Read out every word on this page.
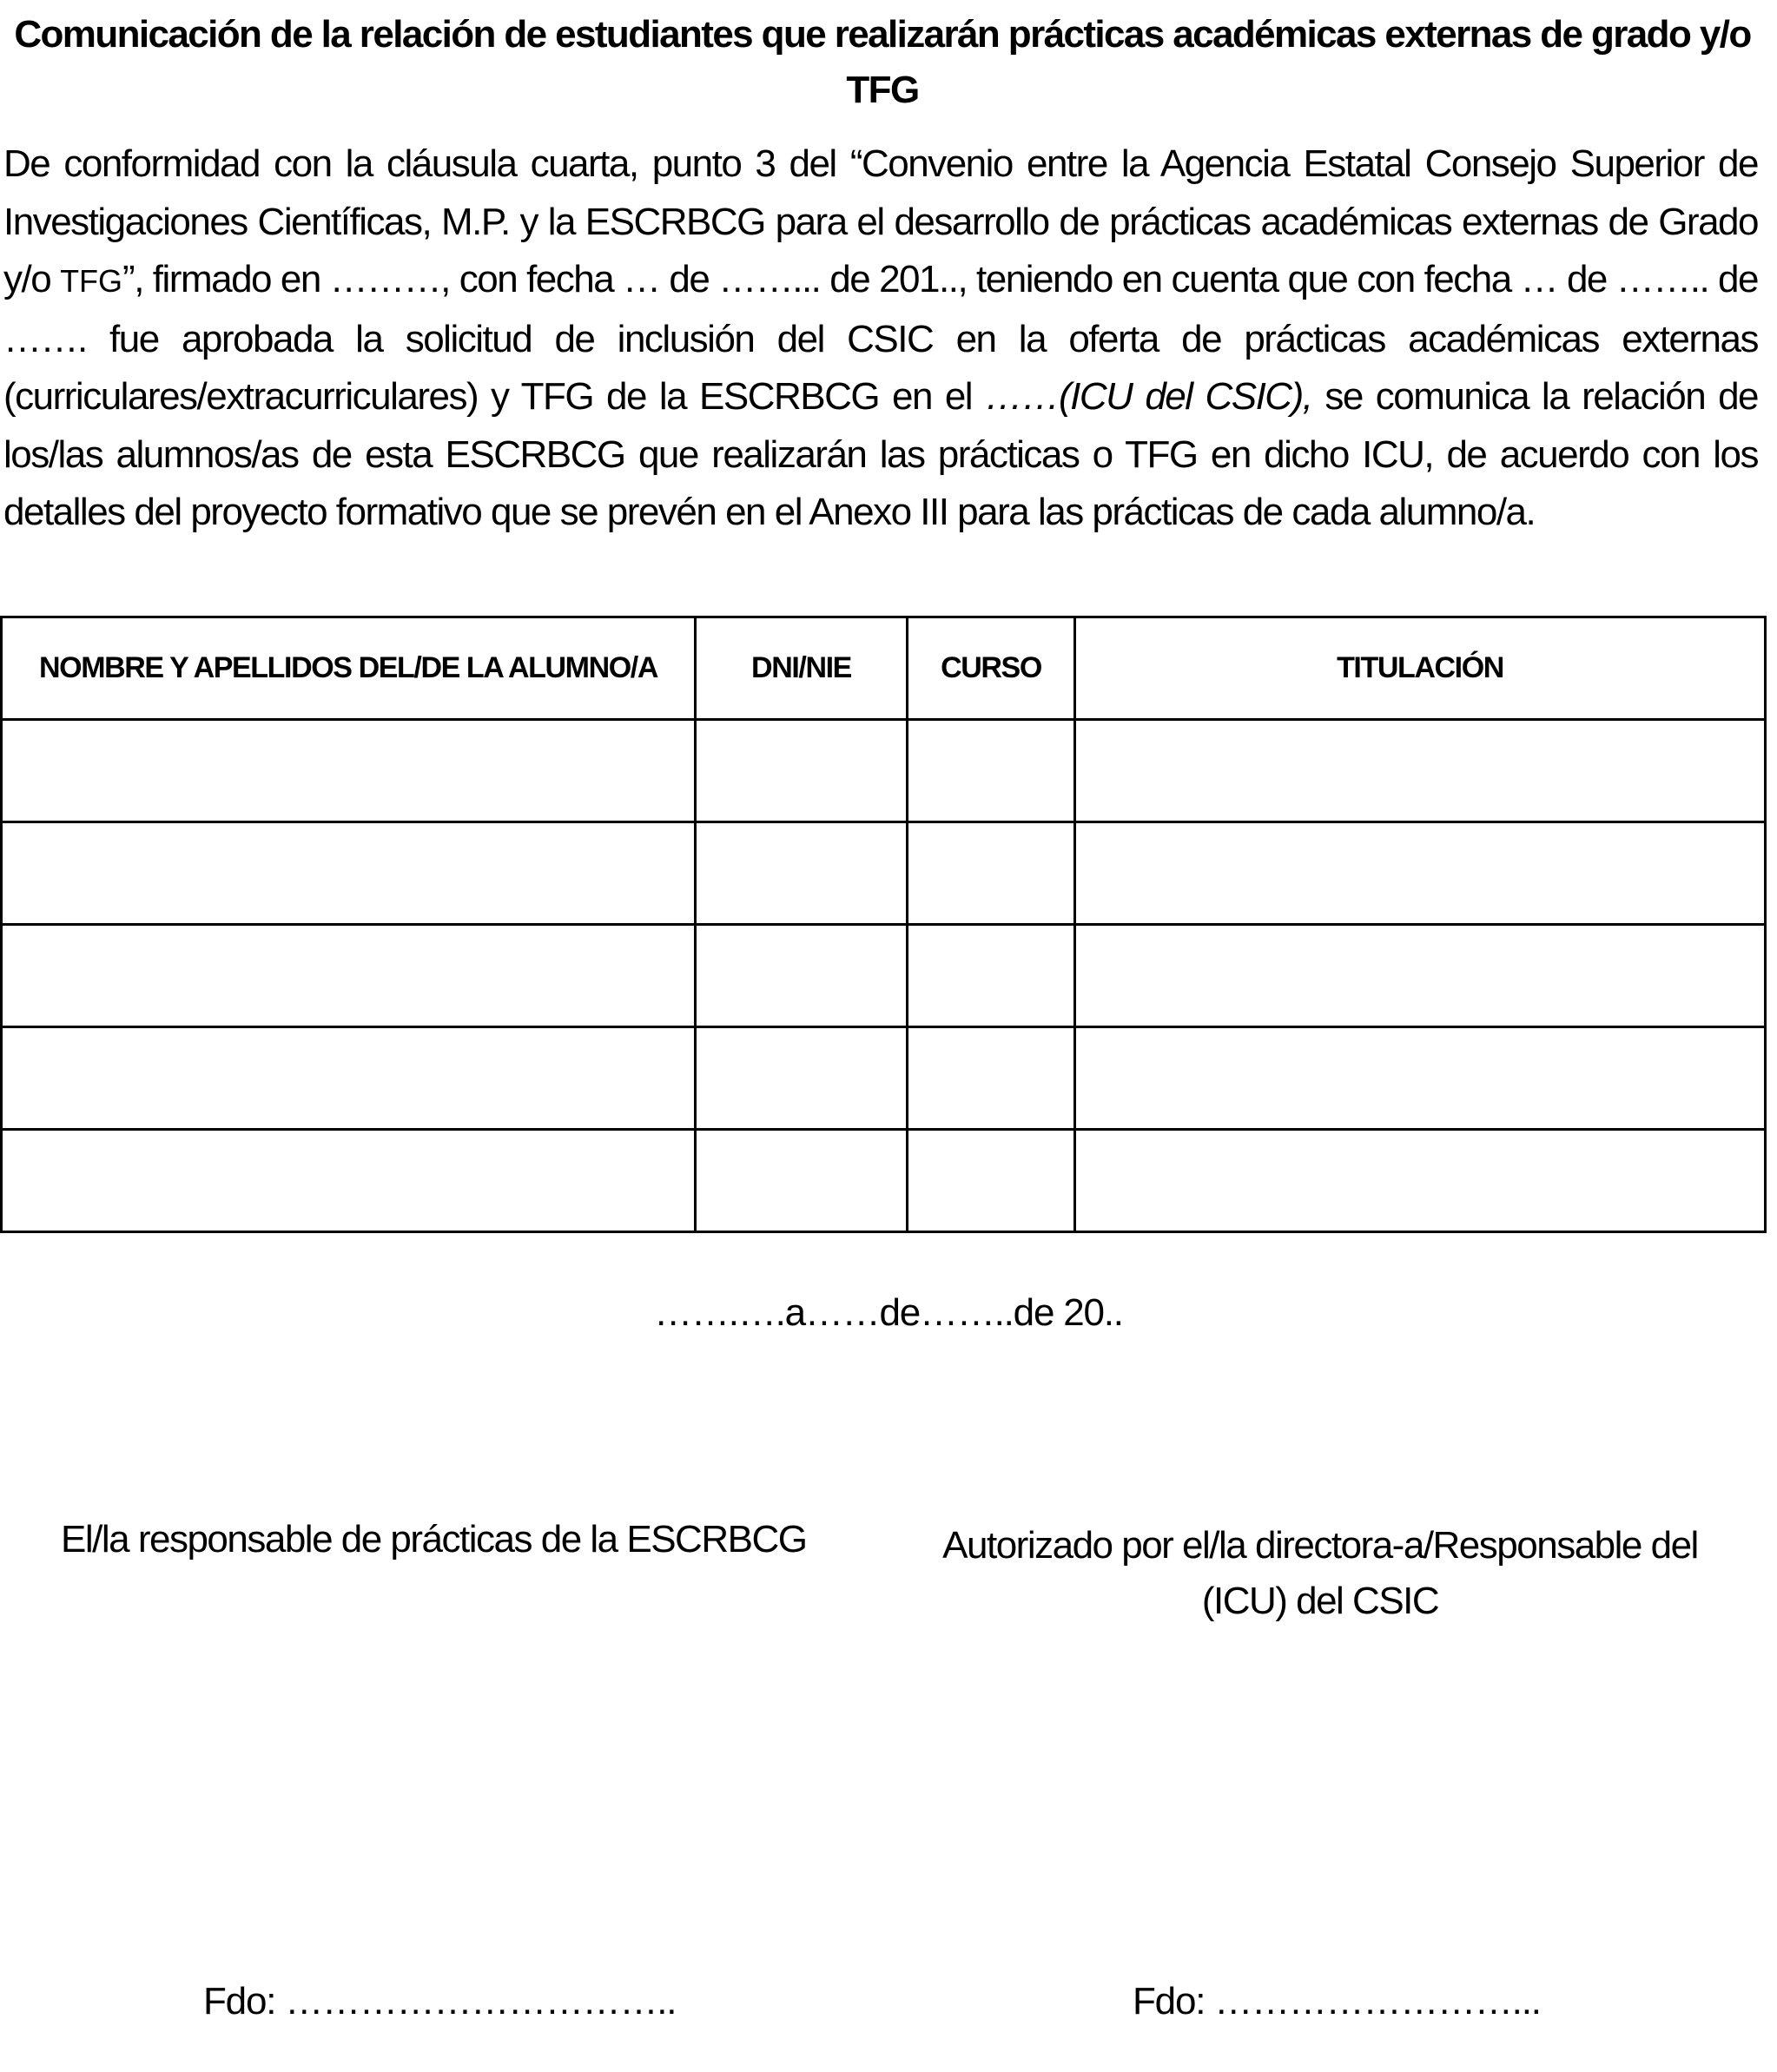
Comunicación de la relación de estudiantes que realizarán prácticas académicas externas de grado y/o TFG
De conformidad con la cláusula cuarta, punto 3 del “Convenio entre la Agencia Estatal Consejo Superior de Investigaciones Científicas, M.P. y la ESCRBCG para el desarrollo de prácticas académicas externas de Grado y/o TFG”, firmado en ………, con fecha … de ……... de 201.., teniendo en cuenta que con fecha … de …….. de ……. fue aprobada la solicitud de inclusión del CSIC en la oferta de prácticas académicas externas (curriculares/extracurriculares) y TFG de la ESCRBCG en el ……(ICU del CSIC), se comunica la relación de los/las alumnos/as de esta ESCRBCG que realizarán las prácticas o TFG en dicho ICU, de acuerdo con los detalles del proyecto formativo que se prevén en el Anexo III para las prácticas de cada alumno/a.
NOMBRE Y APELLIDOS DEL/DE LA ALUMNO/A	DNI/NIE	CURSO	TITULACIÓN

…….….a……de……..de 20..
El/la responsable de prácticas de la ESCRBCG	Autorizado por el/la directora-a/Responsable del (ICU) del CSIC
Fdo: …………………………..	Fdo: ……………………...
